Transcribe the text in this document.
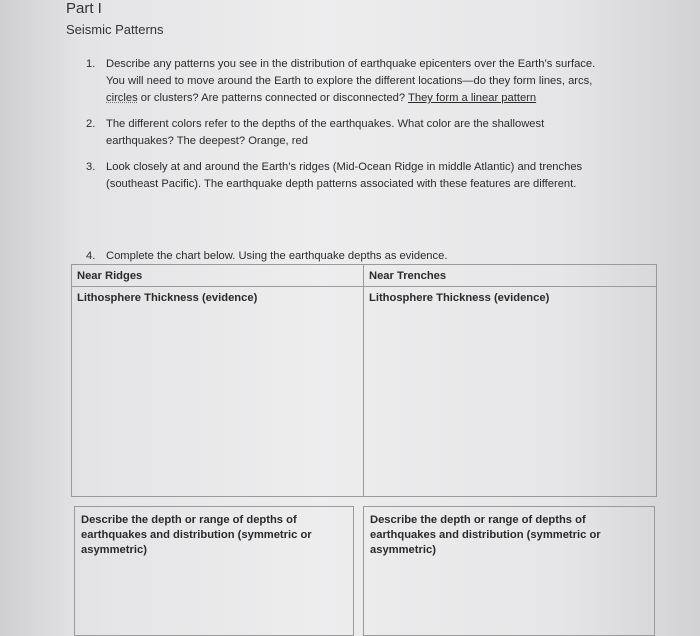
Part I
Seismic Patterns
1. Describe any patterns you see in the distribution of earthquake epicenters over the Earth’s surface.
You will need to move around the Earth to explore the different locations—do they form lines, arcs,
circles or clusters? Are patterns connected or disconnected? They form a linear pattern
2. The different colors refer to the depths of the earthquakes. What color are the shallowest
earthquakes? The deepest? Orange, red
3. Look closely at and around the Earth’s ridges (Mid-Ocean Ridge in middle Atlantic) and trenches
(southeast Pacific). The earthquake depth patterns associated with these features are different.
4. Complete the chart below. Using the earthquake depths as evidence.
Near Ridges	Near Trenches
Lithosphere Thickness (evidence)	Lithosphere Thickness (evidence)
Describe the depth or range of depths of earthquakes and distribution (symmetric or asymmetric)
Describe the depth or range of depths of earthquakes and distribution (symmetric or asymmetric)
